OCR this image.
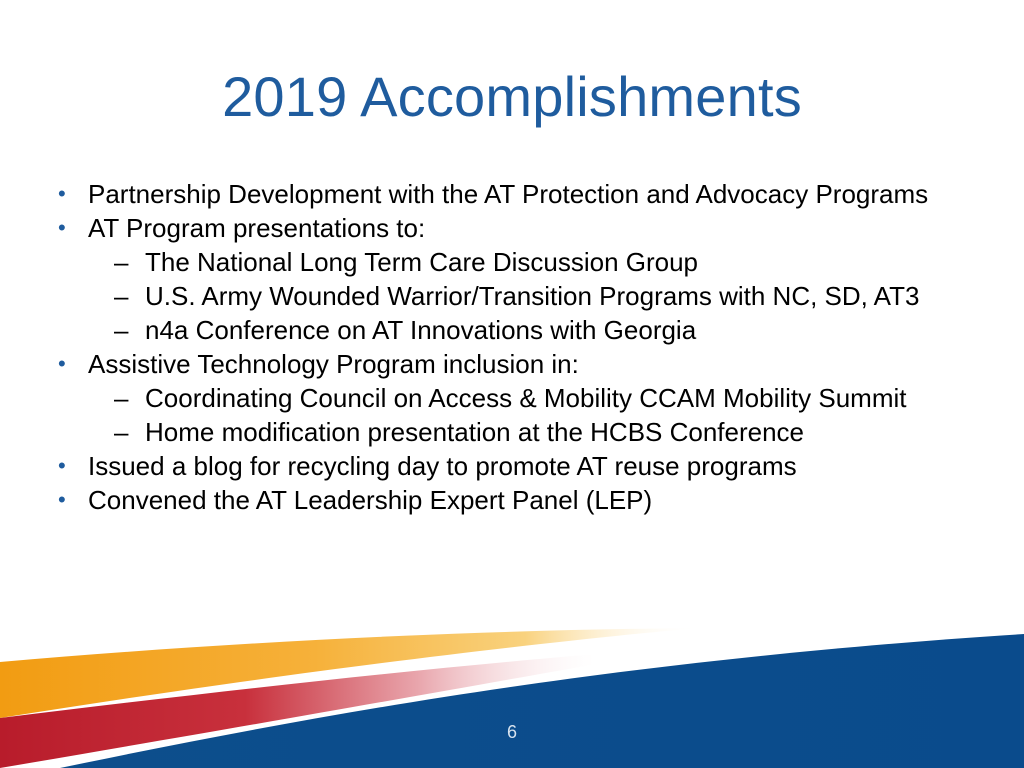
2019 Accomplishments
• Partnership Development with the AT Protection and Advocacy Programs
• AT Program presentations to:
– The National Long Term Care Discussion Group
– U.S. Army Wounded Warrior/Transition Programs with NC, SD, AT3
– n4a Conference on AT Innovations with Georgia
• Assistive Technology Program inclusion in:
– Coordinating Council on Access & Mobility CCAM Mobility Summit
– Home modification presentation at the HCBS Conference
• Issued a blog for recycling day to promote AT reuse programs
• Convened the AT Leadership Expert Panel (LEP)
6
